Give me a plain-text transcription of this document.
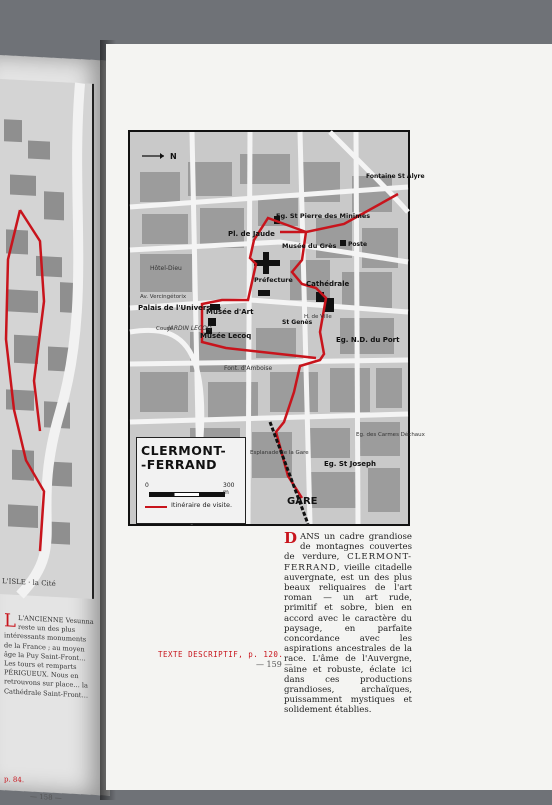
L'ISLE · la Cité
L L'ANCIENNE Vesunna reste un des plus intéressants monuments de la France ; au moyen âge la Puy Saint-Front… Les tours et remparts PÉRIGUEUX. Nous en retrouvons sur place… la Cathédrale Saint-Front…
p. 84.
— 158 —
Fontaine St Alyre
Eg. St Pierre des Minimes
Pl. de Jaude
Musée du Grès Poste
Hôtel-Dieu
Préfecture Cathédrale
Av. Vercingétorix
Palais de l'Université
Musée d'Art
JARDIN LECOQ
Musée Lecoq
St Genès
H. de Ville
Eg. N.D. du Port
Cours
Font. d'Amboise
Eg. St Joseph
Eg. des Carmes Déchaux
Esplanade de la Gare
N
CLERMONT-
-FERRAND
0	300 m
Itinéraire de visite.	GARE
DANS un cadre grandiose de montagnes couvertes de verdure, CLERMONT-FERRAND, vieille citadelle auvergnate, est un des plus beaux reliquaires de l'art roman — un art rude, primitif et sobre, bien en accord avec le caractère du paysage, en parfaite concordance avec les aspirations ancestrales de la race. L'âme de l'Auvergne, saine et robuste, éclate ici dans ces productions grandioses, archaïques, puissamment mystiques et solidement établies.
TEXTE DESCRIPTIF, p. 120.
— 159 —
